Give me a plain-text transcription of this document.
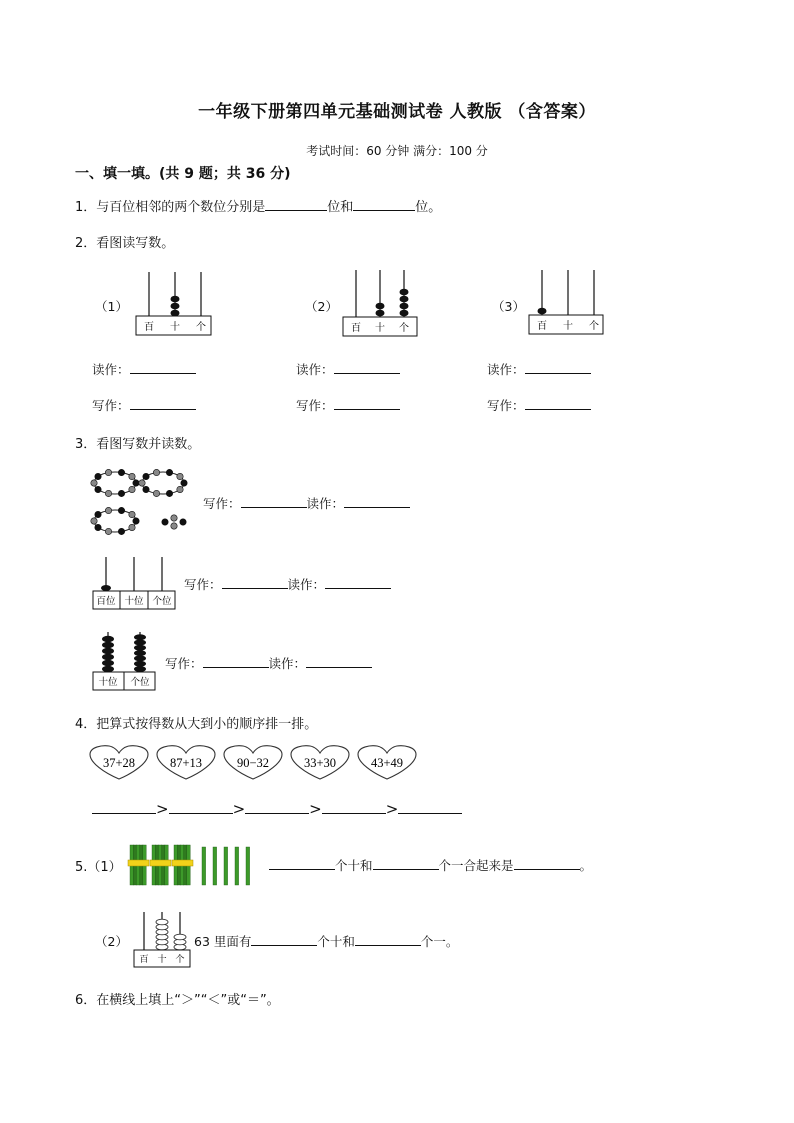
一年级下册第四单元基础测试卷 人教版 （含答案）
考试时间：60 分钟 满分：100 分
一、填一填。(共 9 题；共 36 分)
1．与百位相邻的两个数位分别是	位和	位。
2．看图读写数。
（1）	（2）	（3）
百 十 个	百 十 个	百 十 个
读作：	读作：	读作：
写作：	写作：	写作：
3．看图写数并读数。
写作：	读作：
百位 十位 个位
写作：	读作：
十位 个位
写作：	读作：
4．把算式按得数从大到小的顺序排一排。
37+28	87+13	90−32	33+30	43+49
>	>	>	>
5.（1）	个十和	个一合起来是	。
（2）
百 十 个
63 里面有	个十和	个一。
6．在横线上填上“＞”“＜”或“＝”。
